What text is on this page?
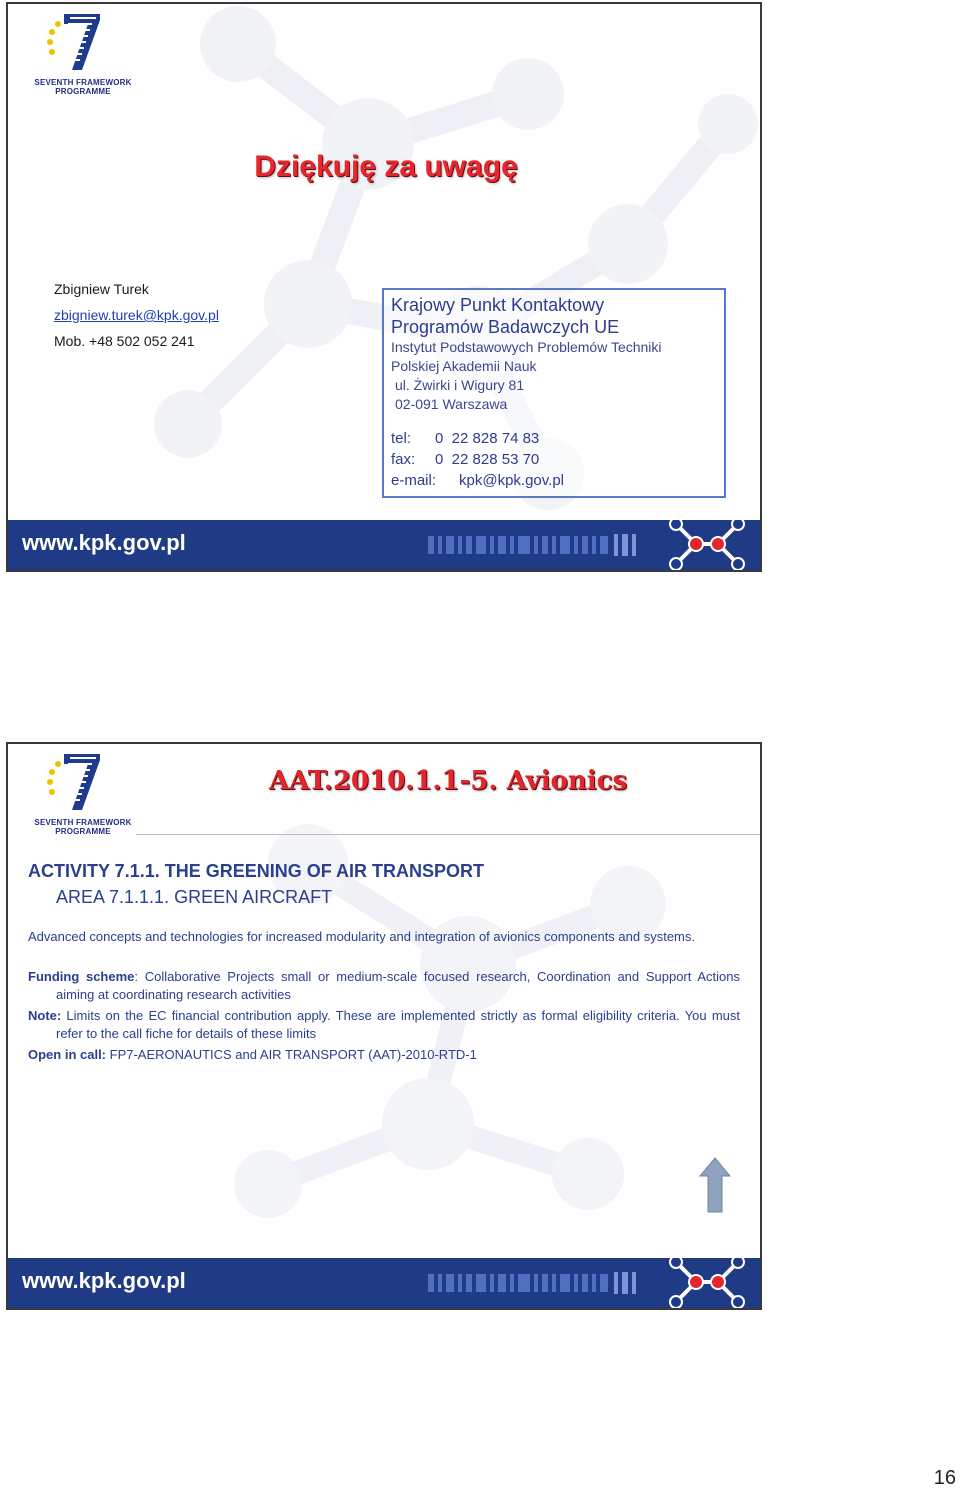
SEVENTH FRAMEWORK
PROGRAMME
Dziękuję za uwagę
Zbigniew Turek
zbigniew.turek@kpk.gov.pl
Mob. +48 502 052 241
Krajowy Punkt Kontaktowy
Programów Badawczych UE
Instytut Podstawowych Problemów Techniki
Polskiej Akademii Nauk
ul. Żwirki i Wigury 81
02-091 Warszawa
tel: 0  22 828 74 83
fax: 0  22 828 53 70
e-mail: kpk@kpk.gov.pl
www.kpk.gov.pl
SEVENTH FRAMEWORK
PROGRAMME
AAT.2010.1.1-5. Avionics
ACTIVITY 7.1.1. THE GREENING OF AIR TRANSPORT
AREA 7.1.1.1. GREEN AIRCRAFT
Advanced concepts and technologies for increased modularity and integration of avionics components and systems.
Funding scheme: Collaborative Projects small or medium-scale focused research, Coordination and Support Actions aiming at coordinating research activities
Note: Limits on the EC financial contribution apply. These are implemented strictly as formal eligibility criteria. You must refer to the call fiche for details of these limits
Open in call: FP7-AERONAUTICS and AIR TRANSPORT (AAT)-2010-RTD-1
www.kpk.gov.pl
16
